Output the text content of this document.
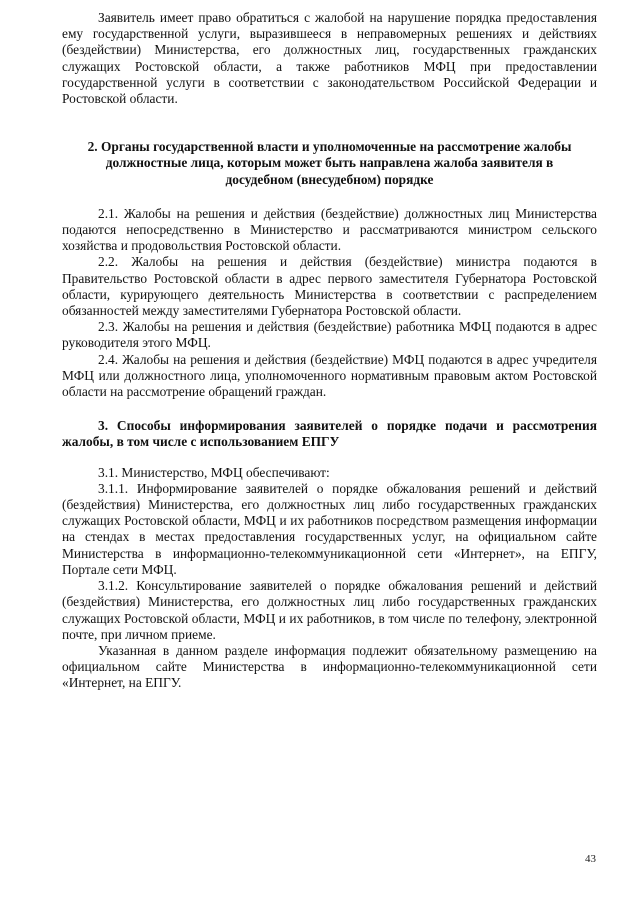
Заявитель имеет право обратиться с жалобой на нарушение порядка предоставления ему государственной услуги, выразившееся в неправомерных решениях и действиях (бездействии) Министерства, его должностных лиц, государственных гражданских служащих Ростовской области, а также работников МФЦ при предоставлении государственной услуги в соответствии с законодательством Российской Федерации и Ростовской области.

2. Органы государственной власти и уполномоченные на рассмотрение жалобы должностные лица, которым может быть направлена жалоба заявителя в досудебном (внесудебном) порядке

2.1. Жалобы на решения и действия (бездействие) должностных лиц Министерства подаются непосредственно в Министерство и рассматриваются министром сельского хозяйства и продовольствия Ростовской области.

2.2. Жалобы на решения и действия (бездействие) министра подаются в Правительство Ростовской области в адрес первого заместителя Губернатора Ростовской области, курирующего деятельность Министерства в соответствии с распределением обязанностей между заместителями Губернатора Ростовской области.

2.3. Жалобы на решения и действия (бездействие) работника МФЦ подаются в адрес руководителя этого МФЦ.

2.4. Жалобы на решения и действия (бездействие) МФЦ подаются в адрес учредителя МФЦ или должностного лица, уполномоченного нормативным правовым актом Ростовской области на рассмотрение обращений граждан.

3. Способы информирования заявителей о порядке подачи и рассмотрения жалобы, в том числе с использованием ЕПГУ

3.1. Министерство, МФЦ обеспечивают:

3.1.1. Информирование заявителей о порядке обжалования решений и действий (бездействия) Министерства, его должностных лиц либо государственных гражданских служащих Ростовской области, МФЦ и их работников посредством размещения информации на стендах в местах предоставления государственных услуг, на официальном сайте Министерства в информационно-телекоммуникационной сети «Интернет», на ЕПГУ, Портале сети МФЦ.

3.1.2. Консультирование заявителей о порядке обжалования решений и действий (бездействия) Министерства, его должностных лиц либо государственных гражданских служащих Ростовской области, МФЦ и их работников, в том числе по телефону, электронной почте, при личном приеме.

Указанная в данном разделе информация подлежит обязательному размещению на официальном сайте Министерства в информационно-телекоммуникационной сети «Интернет, на ЕПГУ.

43
